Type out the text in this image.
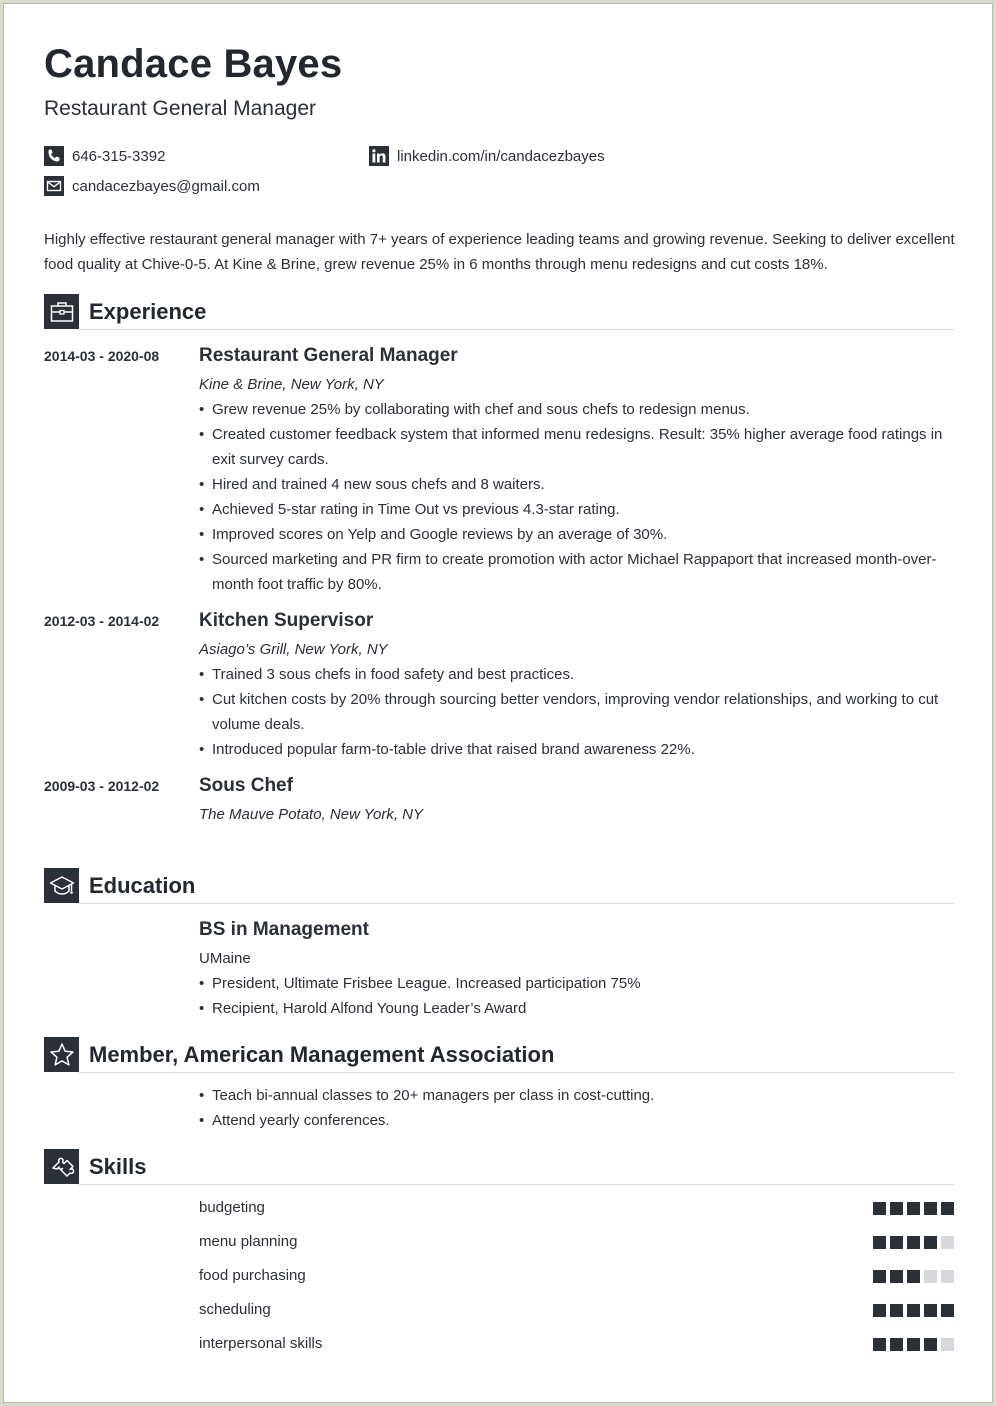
Candace Bayes
Restaurant General Manager
646-315-3392	linkedin.com/in/candacezbayes
candacezbayes@gmail.com
Highly effective restaurant general manager with 7+ years of experience leading teams and growing revenue. Seeking to deliver excellent food quality at Chive-0-5. At Kine & Brine, grew revenue 25% in 6 months through menu redesigns and cut costs 18%.
Experience
2014-03 - 2020-08 Restaurant General Manager
Kine & Brine, New York, NY
• Grew revenue 25% by collaborating with chef and sous chefs to redesign menus.
• Created customer feedback system that informed menu redesigns. Result: 35% higher average food ratings in exit survey cards.
• Hired and trained 4 new sous chefs and 8 waiters.
• Achieved 5-star rating in Time Out vs previous 4.3-star rating.
• Improved scores on Yelp and Google reviews by an average of 30%.
• Sourced marketing and PR firm to create promotion with actor Michael Rappaport that increased month-over-month foot traffic by 80%.
2012-03 - 2014-02 Kitchen Supervisor
Asiago’s Grill, New York, NY
• Trained 3 sous chefs in food safety and best practices.
• Cut kitchen costs by 20% through sourcing better vendors, improving vendor relationships, and working to cut volume deals.
• Introduced popular farm-to-table drive that raised brand awareness 22%.
2009-03 - 2012-02 Sous Chef
The Mauve Potato, New York, NY
Education
BS in Management
UMaine
• President, Ultimate Frisbee League. Increased participation 75%
• Recipient, Harold Alfond Young Leader’s Award
Member, American Management Association
• Teach bi-annual classes to 20+ managers per class in cost-cutting.
• Attend yearly conferences.
Skills
budgeting
menu planning
food purchasing
scheduling
interpersonal skills
